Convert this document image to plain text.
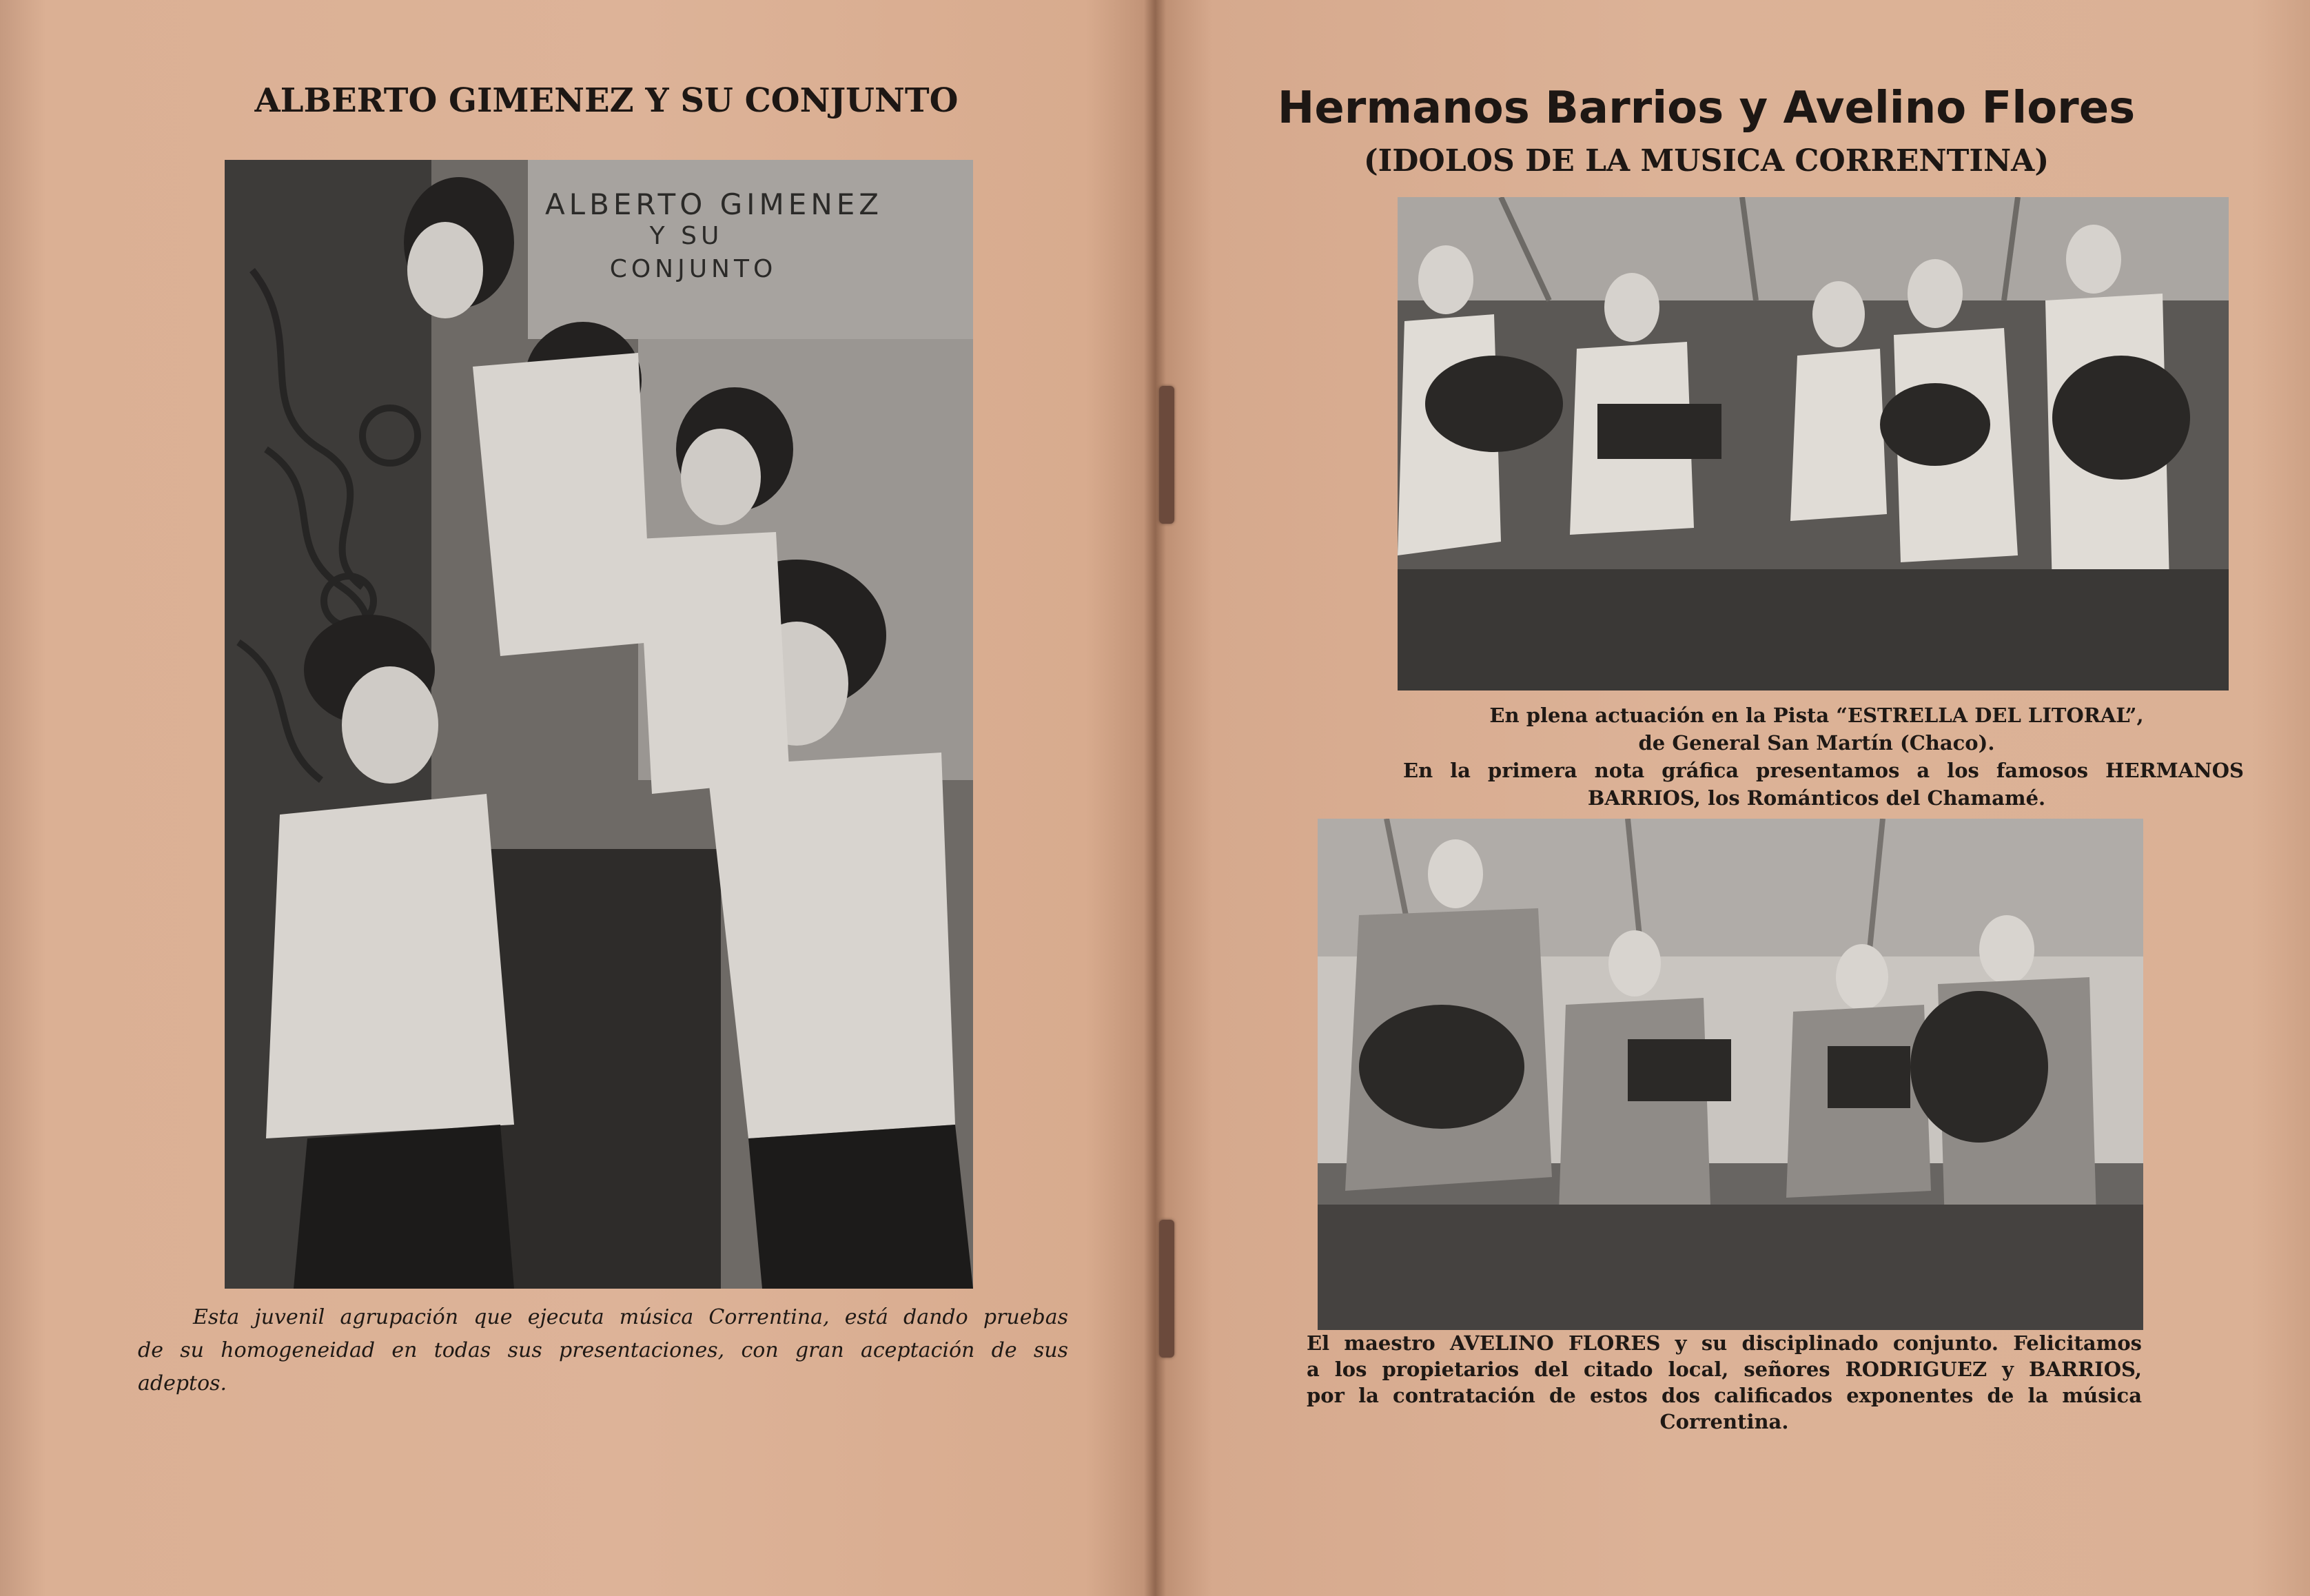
ALBERTO GIMENEZ Y SU CONJUNTO
ALBERTO GIMENEZ
Y SU
CONJUNTO
Esta juvenil agrupación que ejecuta música Correntina, está dando pruebas
de su homogeneidad en todas sus presentaciones, con gran aceptación de sus
adeptos.
Hermanos Barrios y Avelino Flores
(IDOLOS DE LA MUSICA CORRENTINA)
En plena actuación en la Pista “ESTRELLA DEL LITORAL”,
de General San Martín (Chaco).
En la primera nota gráfica presentamos a los famosos HERMANOS
BARRIOS, los Románticos del Chamamé.
El maestro AVELINO FLORES y su disciplinado conjunto. Felicitamos
a los propietarios del citado local, señores RODRIGUEZ y BARRIOS,
por la contratación de estos dos calificados exponentes de la música
Correntina.
